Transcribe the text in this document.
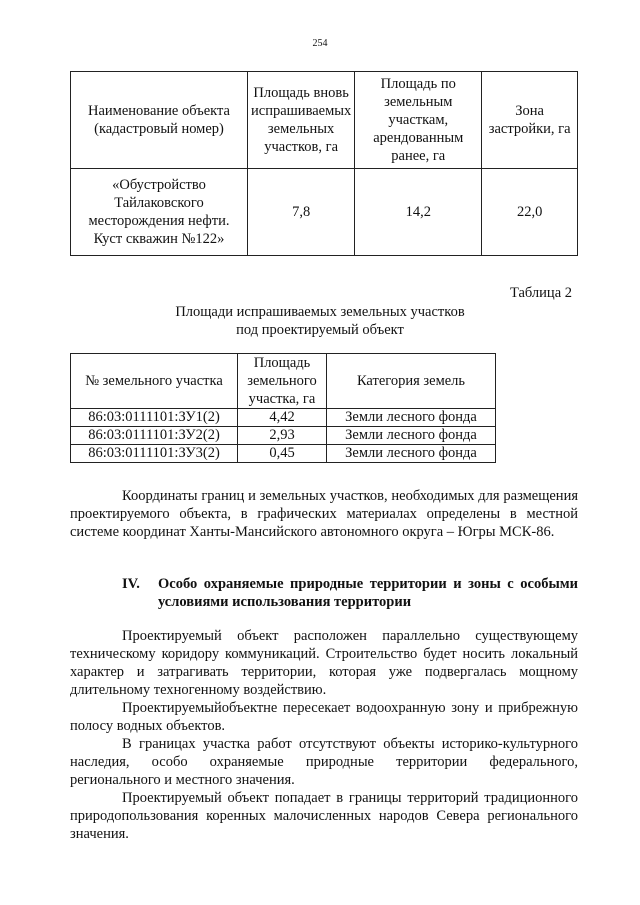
254
Наименование объекта (кадастровый номер)	Площадь вновь испрашиваемых земельных участков, га	Площадь по земельным участкам, арендованным ранее, га	Зона застройки, га
«Обустройство Тайлаковского месторождения нефти. Куст скважин №122»	7,8	14,2	22,0
Таблица 2
Площади испрашиваемых земельных участков
под проектируемый объект
№ земельного участка	Площадь земельного участка, га	Категория земель
86:03:0111101:ЗУ1(2)	4,42	Земли лесного фонда
86:03:0111101:ЗУ2(2)	2,93	Земли лесного фонда
86:03:0111101:ЗУ3(2)	0,45	Земли лесного фонда

Координаты границ и земельных участков, необходимых для размещения проектируемого объекта, в графических материалах определены в местной системе координат Ханты-Мансийского автономного округа – Югры МСК-86.

IV. Особо охраняемые природные территории и зоны с особыми условиями использования территории

Проектируемый объект расположен параллельно существующему техническому коридору коммуникаций. Строительство будет носить локальный характер и затрагивать территории, которая уже подвергалась мощному длительному техногенному воздействию.

Проектируемыйобъектне пересекает водоохранную зону и прибрежную полосу водных объектов.

В границах участка работ отсутствуют объекты историко-культурного наследия, особо охраняемые природные территории федерального, регионального и местного значения.

Проектируемый объект попадает в границы территорий традиционного природопользования коренных малочисленных народов Севера регионального значения.
